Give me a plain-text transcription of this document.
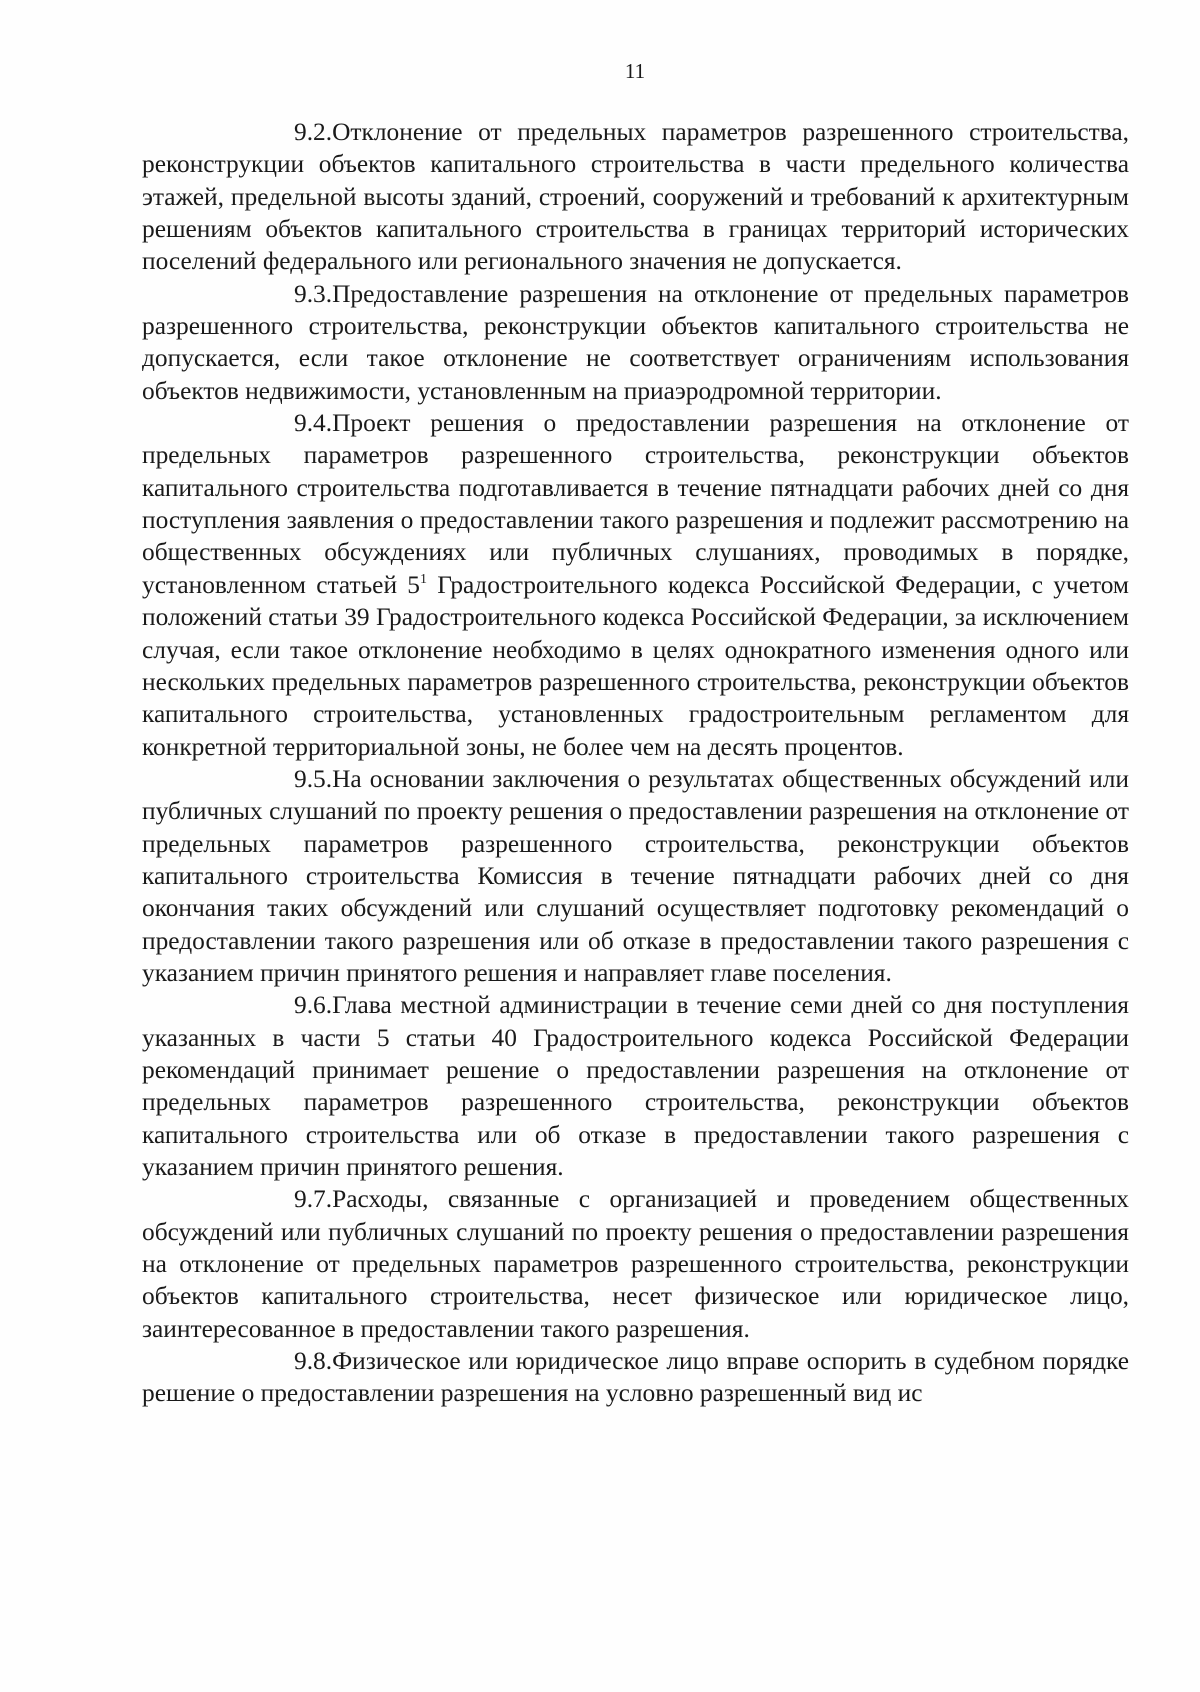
11

9.2.Отклонение от предельных параметров разрешенного строительства, реконструкции объектов капитального строительства в части предельного количества этажей, предельной высоты зданий, строений, сооружений и требований к архитектурным решениям объектов капитального строительства в границах территорий исторических поселений федерального или регионального значения не допускается.

9.3.Предоставление разрешения на отклонение от предельных параметров разрешенного строительства, реконструкции объектов капитального строительства не допускается, если такое отклонение не соответствует ограничениям использования объектов недвижимости, установленным на приаэродромной территории.

9.4.Проект решения о предоставлении разрешения на отклонение от предельных параметров разрешенного строительства, реконструкции объектов капитального строительства подготавливается в течение пятнадцати рабочих дней со дня поступления заявления о предоставлении такого разрешения и подлежит рассмотрению на общественных обсуждениях или публичных слушаниях, проводимых в порядке, установленном статьей $5^1$ Градостроительного кодекса Российской Федерации, с учетом положений статьи 39 Градостроительного кодекса Российской Федерации, за исключением случая, если такое отклонение необходимо в целях однократного изменения одного или нескольких предельных параметров разрешенного строительства, реконструкции объектов капитального строительства, установленных градостроительным регламентом для конкретной территориальной зоны, не более чем на десять процентов.

9.5.На основании заключения о результатах общественных обсуждений или публичных слушаний по проекту решения о предоставлении разрешения на отклонение от предельных параметров разрешенного строительства, реконструкции объектов капитального строительства Комиссия в течение пятнадцати рабочих дней со дня окончания таких обсуждений или слушаний осуществляет подготовку рекомендаций о предоставлении такого разрешения или об отказе в предоставлении такого разрешения с указанием причин принятого решения и направляет главе поселения.

9.6.Глава местной администрации в течение семи дней со дня поступления указанных в части 5 статьи 40 Градостроительного кодекса Российской Федерации рекомендаций принимает решение о предоставлении разрешения на отклонение от предельных параметров разрешенного строительства, реконструкции объектов капитального строительства или об отказе в предоставлении такого разрешения с указанием причин принятого решения.

9.7.Расходы, связанные с организацией и проведением общественных обсуждений или публичных слушаний по проекту решения о предоставлении разрешения на отклонение от предельных параметров разрешенного строительства, реконструкции объектов капитального строительства, несет физическое или юридическое лицо, заинтересованное в предоставлении такого разрешения.

9.8.Физическое или юридическое лицо вправе оспорить в судебном порядке решение о предоставлении разрешения на условно разрешенный вид ис
